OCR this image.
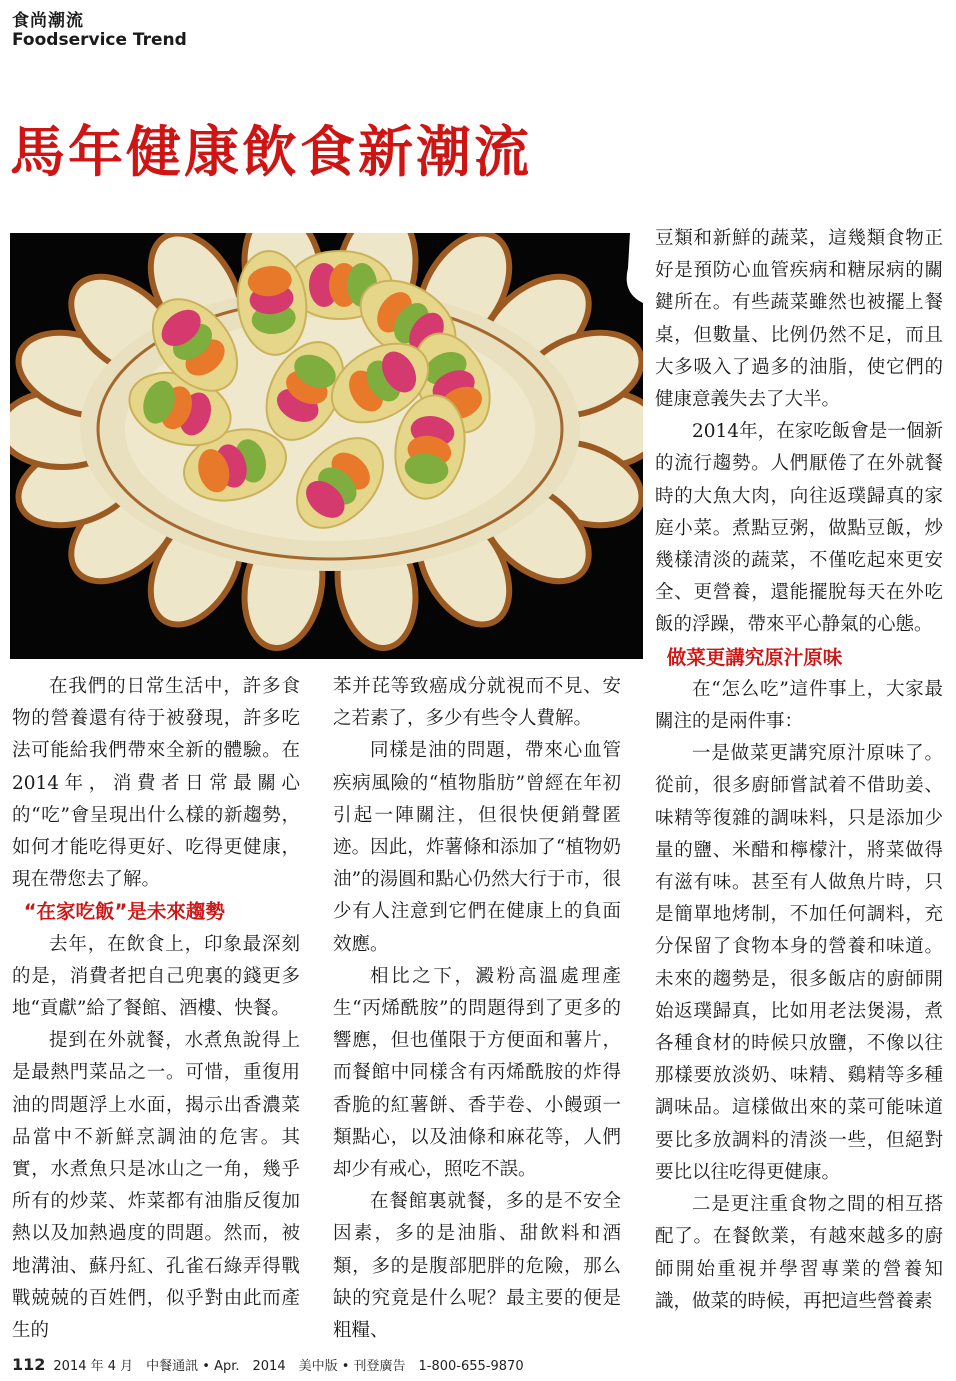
食尚潮流
Foodservice Trend
馬年健康飲食新潮流

在我們的日常生活中，許多食物的營養還有待于被發現，許多吃法可能給我們帶來全新的體驗。在2014年，消費者日常最關心的“吃”會呈現出什么樣的新趨勢，如何才能吃得更好、吃得更健康，現在帶您去了解。

“在家吃飯”是未來趨勢

去年，在飲食上，印象最深刻的是，消費者把自己兜裏的錢更多地“貢獻”給了餐館、酒樓、快餐。

提到在外就餐，水煮魚說得上是最熱門菜品之一。可惜，重復用油的問題浮上水面，揭示出香濃菜品當中不新鮮烹調油的危害。其實，水煮魚只是冰山之一角，幾乎所有的炒菜、炸菜都有油脂反復加熱以及加熱過度的問題。然而，被地溝油、蘇丹紅、孔雀石綠弄得戰戰兢兢的百姓們，似乎對由此而產生的

苯并芘等致癌成分就視而不見、安之若素了，多少有些令人費解。

同樣是油的問題，帶來心血管疾病風險的“植物脂肪”曾經在年初引起一陣關注，但很快便銷聲匿迹。因此，炸薯條和添加了“植物奶油”的湯圓和點心仍然大行于市，很少有人注意到它們在健康上的負面效應。

相比之下，澱粉高溫處理產生“丙烯酰胺”的問題得到了更多的響應，但也僅限于方便面和薯片，而餐館中同樣含有丙烯酰胺的炸得香脆的紅薯餅、香芋卷、小饅頭一類點心，以及油條和麻花等，人們却少有戒心，照吃不誤。

在餐館裏就餐，多的是不安全因素，多的是油脂、甜飲料和酒類，多的是腹部肥胖的危險，那么缺的究竟是什么呢？最主要的便是粗糧、

豆類和新鮮的蔬菜，這幾類食物正好是預防心血管疾病和糖尿病的關鍵所在。有些蔬菜雖然也被擺上餐桌，但數量、比例仍然不足，而且大多吸入了過多的油脂，使它們的健康意義失去了大半。

2014年，在家吃飯會是一個新的流行趨勢。人們厭倦了在外就餐時的大魚大肉，向往返璞歸真的家庭小菜。煮點豆粥，做點豆飯，炒幾樣清淡的蔬菜，不僅吃起來更安全、更營養，還能擺脫每天在外吃飯的浮躁，帶來平心静氣的心態。

做菜更講究原汁原味

在“怎么吃”這件事上，大家最關注的是兩件事：

一是做菜更講究原汁原味了。從前，很多廚師嘗試着不借助姜、味精等復雜的調味料，只是添加少量的鹽、米醋和檸檬汁，將菜做得有滋有味。甚至有人做魚片時，只是簡單地烤制，不加任何調料，充分保留了食物本身的營養和味道。未來的趨勢是，很多飯店的廚師開始返璞歸真，比如用老法煲湯，煮各種食材的時候只放鹽，不像以往那樣要放淡奶、味精、鷄精等多種調味品。這樣做出來的菜可能味道要比多放調料的清淡一些，但絕對要比以往吃得更健康。

二是更注重食物之間的相互搭配了。在餐飲業，有越來越多的廚師開始重視并學習專業的營養知識，做菜的時候，再把這些營養素

112 2014 年 4 月　中餐通訊 • Apr.　2014　美中版 • 刊登廣告　1-800-655-9870
